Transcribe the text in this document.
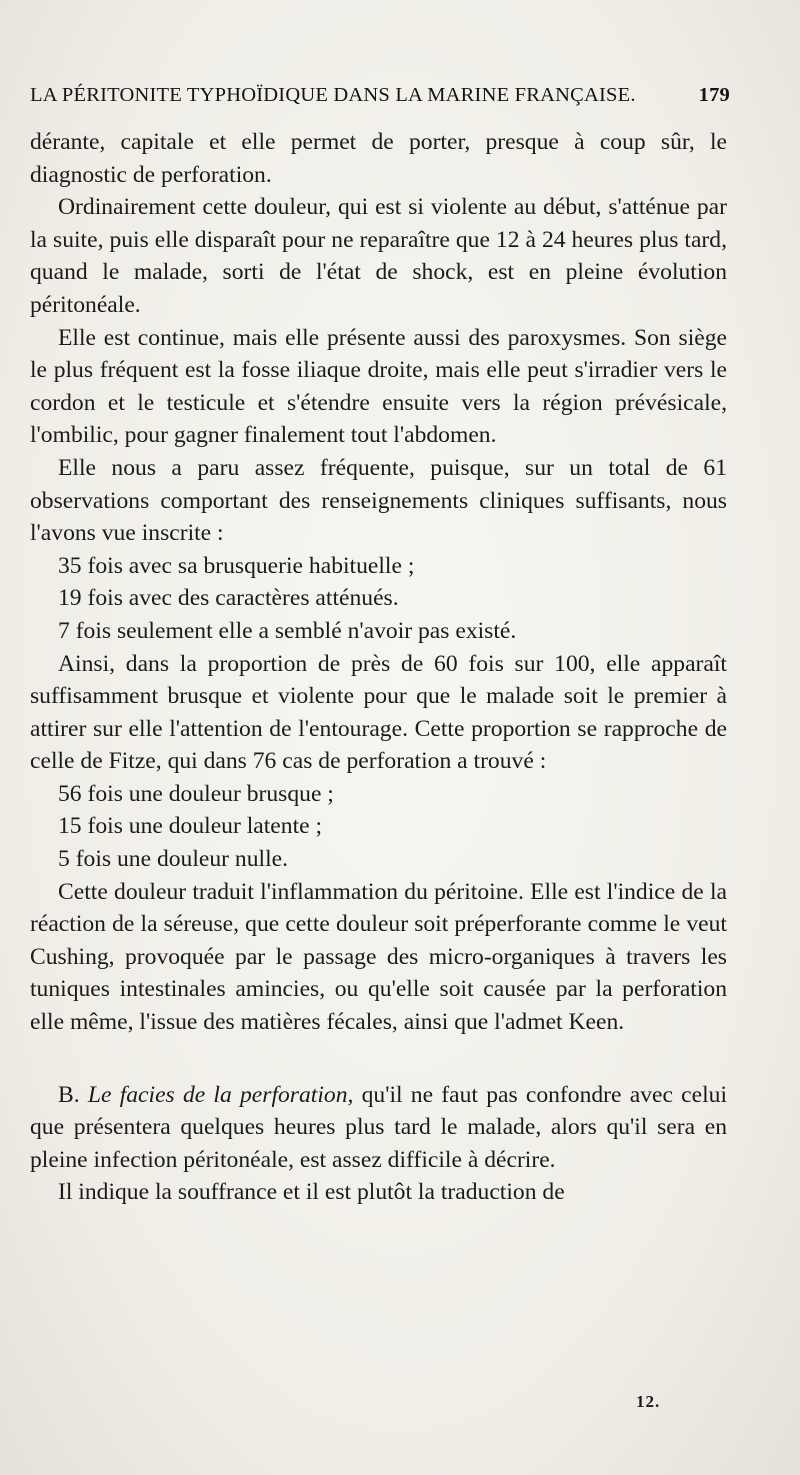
LA PÉRITONITE TYPHOÏDIQUE DANS LA MARINE FRANÇAISE.	179

dérante, capitale et elle permet de porter, presque à coup sûr, le diagnostic de perforation.

Ordinairement cette douleur, qui est si violente au début, s'atténue par la suite, puis elle disparaît pour ne reparaître que 12 à 24 heures plus tard, quand le malade, sorti de l'état de shock, est en pleine évolution péritonéale.

Elle est continue, mais elle présente aussi des paroxysmes. Son siège le plus fréquent est la fosse iliaque droite, mais elle peut s'irradier vers le cordon et le testicule et s'étendre ensuite vers la région prévésicale, l'ombilic, pour gagner finalement tout l'abdomen.

Elle nous a paru assez fréquente, puisque, sur un total de 61 observations comportant des renseignements cliniques suffisants, nous l'avons vue inscrite :

35 fois avec sa brusquerie habituelle ;

19 fois avec des caractères atténués.

7 fois seulement elle a semblé n'avoir pas existé.

Ainsi, dans la proportion de près de 60 fois sur 100, elle apparaît suffisamment brusque et violente pour que le malade soit le premier à attirer sur elle l'attention de l'entourage. Cette proportion se rapproche de celle de Fitze, qui dans 76 cas de perforation a trouvé :

56 fois une douleur brusque ;

15 fois une douleur latente ;

5 fois une douleur nulle.

Cette douleur traduit l'inflammation du péritoine. Elle est l'indice de la réaction de la séreuse, que cette douleur soit préperforante comme le veut Cushing, provoquée par le passage des micro-organiques à travers les tuniques intestinales amincies, ou qu'elle soit causée par la perforation elle même, l'issue des matières fécales, ainsi que l'admet Keen.

B. Le facies de la perforation, qu'il ne faut pas confondre avec celui que présentera quelques heures plus tard le malade, alors qu'il sera en pleine infection péritonéale, est assez difficile à décrire.

Il indique la souffrance et il est plutôt la traduction de

12.
